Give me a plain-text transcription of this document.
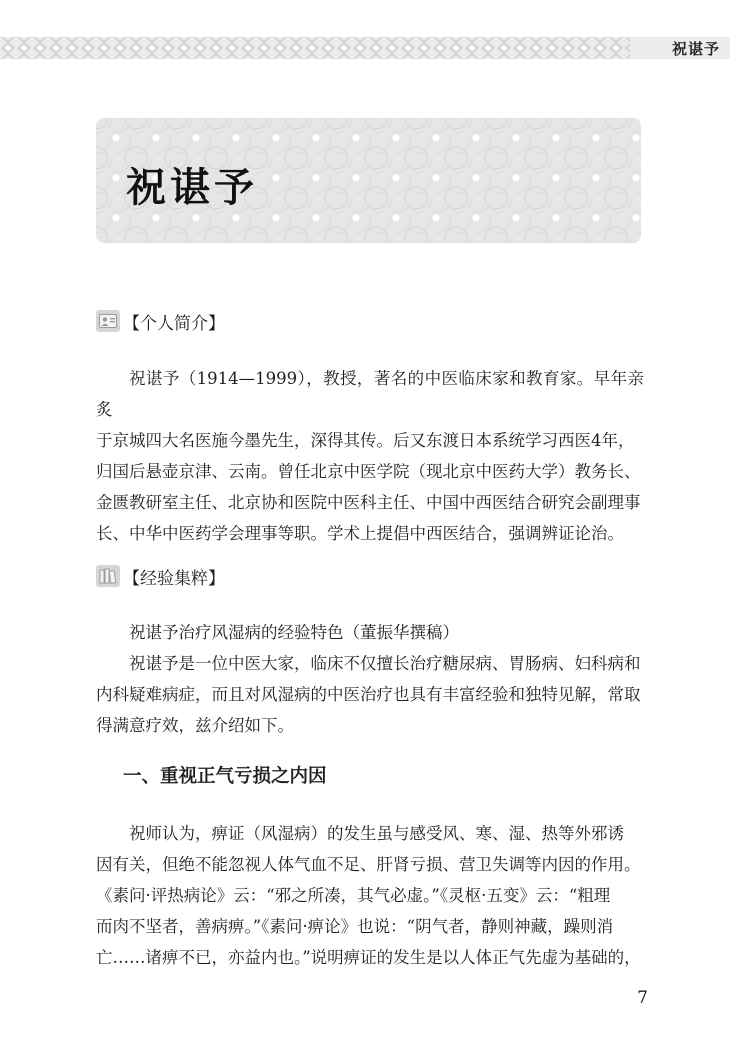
祝谌予
祝谌予
【个人简介】

祝谌予（1914—1999），教授，著名的中医临床家和教育家。早年亲炙
于京城四大名医施今墨先生，深得其传。后又东渡日本系统学习西医4年，
归国后悬壶京津、云南。曾任北京中医学院（现北京中医药大学）教务长、
金匮教研室主任、北京协和医院中医科主任、中国中西医结合研究会副理事
长、中华中医药学会理事等职。学术上提倡中西医结合，强调辨证论治。

【经验集粹】

祝谌予治疗风湿病的经验特色（董振华撰稿）

祝谌予是一位中医大家，临床不仅擅长治疗糖尿病、胃肠病、妇科病和
内科疑难病症，而且对风湿病的中医治疗也具有丰富经验和独特见解，常取
得满意疗效，兹介绍如下。

一、重视正气亏损之内因

祝师认为，痹证（风湿病）的发生虽与感受风、寒、湿、热等外邪诱
因有关，但绝不能忽视人体气血不足、肝肾亏损、营卫失调等内因的作用。
《素问·评热病论》云：“邪之所凑，其气必虚。”《灵枢·五变》云：“粗理
而肉不坚者，善病痹。”《素问·痹论》也说：“阴气者，静则神藏，躁则消
亡……诸痹不已，亦益内也。”说明痹证的发生是以人体正气先虚为基础的，

7
